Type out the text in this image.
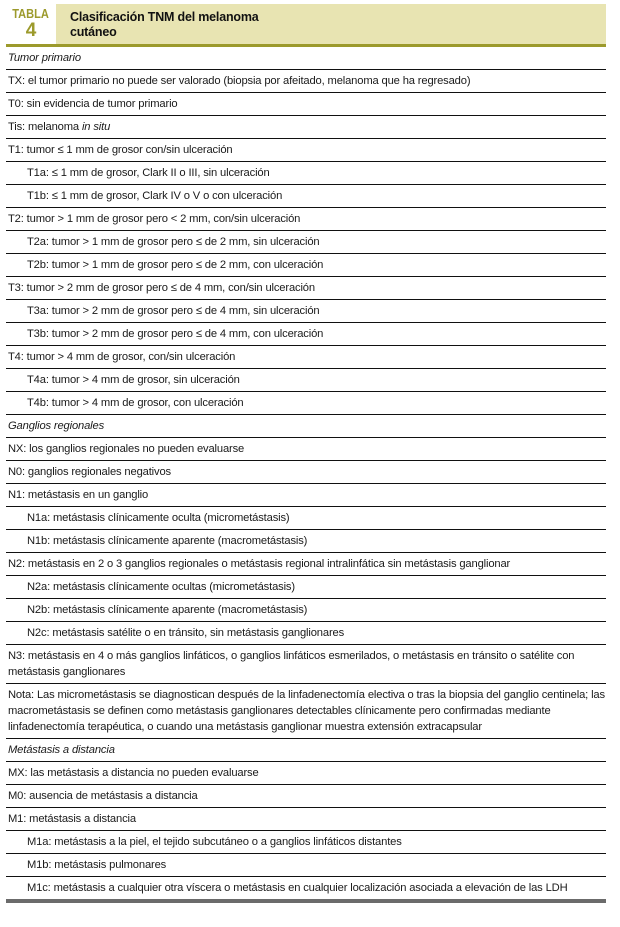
TABLA
4
Clasificación TNM del melanoma
cutáneo
Tumor primario
TX: el tumor primario no puede ser valorado (biopsia por afeitado, melanoma que ha regresado)
T0: sin evidencia de tumor primario
Tis: melanoma in situ
T1: tumor ≤ 1 mm de grosor con/sin ulceración
T1a: ≤ 1 mm de grosor, Clark II o III, sin ulceración
T1b: ≤ 1 mm de grosor, Clark IV o V o con ulceración
T2: tumor > 1 mm de grosor pero < 2 mm, con/sin ulceración
T2a: tumor > 1 mm de grosor pero ≤ de 2 mm, sin ulceración
T2b: tumor > 1 mm de grosor pero ≤ de 2 mm, con ulceración
T3: tumor > 2 mm de grosor pero ≤ de 4 mm, con/sin ulceración
T3a: tumor > 2 mm de grosor pero ≤ de 4 mm, sin ulceración
T3b: tumor > 2 mm de grosor pero ≤ de 4 mm, con ulceración
T4: tumor > 4 mm de grosor, con/sin ulceración
T4a: tumor > 4 mm de grosor, sin ulceración
T4b: tumor > 4 mm de grosor, con ulceración
Ganglios regionales
NX: los ganglios regionales no pueden evaluarse
N0: ganglios regionales negativos
N1: metástasis en un ganglio
N1a: metástasis clínicamente oculta (micrometástasis)
N1b: metástasis clínicamente aparente (macrometástasis)
N2: metástasis en 2 o 3 ganglios regionales o metástasis regional intralinfática sin metástasis ganglionar
N2a: metástasis clínicamente ocultas (micrometástasis)
N2b: metástasis clínicamente aparente (macrometástasis)
N2c: metástasis satélite o en tránsito, sin metástasis ganglionares
N3: metástasis en 4 o más ganglios linfáticos, o ganglios linfáticos esmerilados, o metástasis en tránsito o satélite con metástasis ganglionares
Nota: Las micrometástasis se diagnostican después de la linfadenectomía electiva o tras la biopsia del ganglio centinela; las macrometástasis se definen como metástasis ganglionares detectables clínicamente pero confirmadas mediante linfadenectomía terapéutica, o cuando una metástasis ganglionar muestra extensión extracapsular
Metástasis a distancia
MX: las metástasis a distancia no pueden evaluarse
M0: ausencia de metástasis a distancia
M1: metástasis a distancia
M1a: metástasis a la piel, el tejido subcutáneo o a ganglios linfáticos distantes
M1b: metástasis pulmonares
M1c: metástasis a cualquier otra víscera o metástasis en cualquier localización asociada a elevación de las LDH
